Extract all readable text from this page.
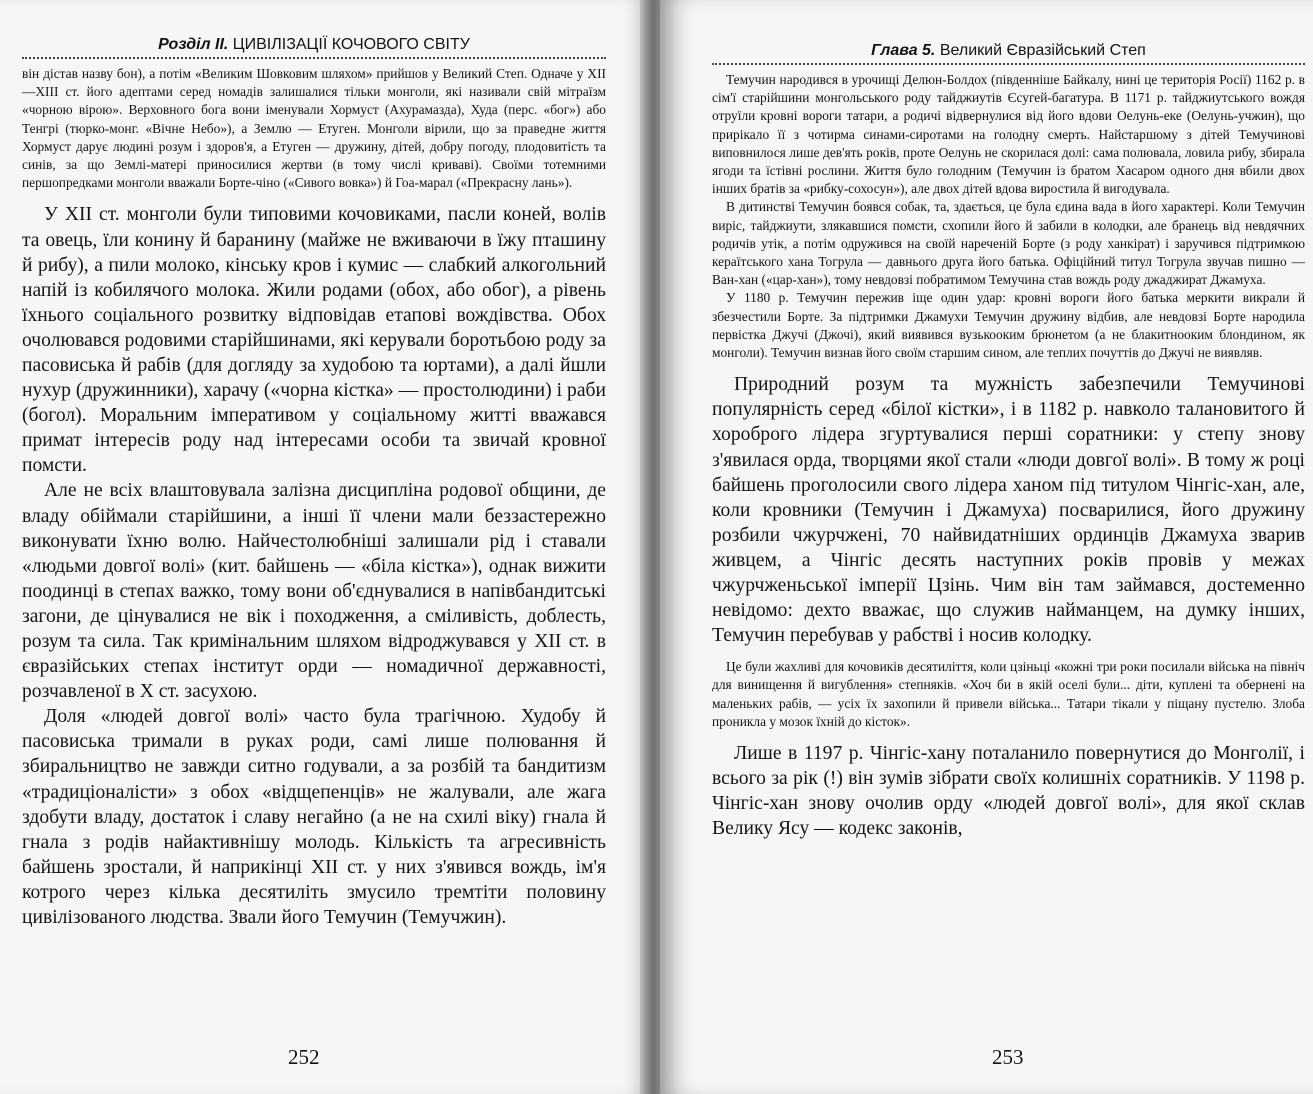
Розділ ІІ. ЦИВІЛІЗАЦІЇ КОЧОВОГО СВІТУ

він дістав назву бон), а потім «Великим Шовковим шляхом» прийшов у Великий Степ. Одначе у XII—XIII ст. його адептами серед номадів залишалися тільки монголи, які називали свій мітраїзм «чорною вірою». Верховного бога вони іменували Хормуст (Ахурамазда), Худа (перс. «бог») або Тенгрі (тюрко-монг. «Вічне Небо»), а Землю — Етуген. Монголи вірили, що за праведне життя Хормуст дарує людині розум і здоров'я, а Етуген — дружину, дітей, добру погоду, плодовитість та синів, за що Землі-матері приносилися жертви (в тому числі криваві). Своїми тотемними першопредками монголи вважали Борте-чіно («Сивого вовка») й Гоа-марал («Прекрасну лань»).

У XII ст. монголи були типовими кочовиками, пасли коней, волів та овець, їли конину й баранину (майже не вживаючи в їжу пташину й рибу), а пили молоко, кінську кров і кумис — слабкий алкогольний напій із кобилячого молока. Жили родами (обох, або обог), а рівень їхнього соціального розвитку відповідав етапові вождівства. Обох очолювався родовими старійшинами, які керували боротьбою роду за пасовиська й рабів (для догляду за худобою та юртами), а далі йшли нухур (дружинники), харачу («чорна кістка» — простолюдини) і раби (богол). Моральним імперативом у соціальному житті вважався примат інтересів роду над інтересами особи та звичай кровної помсти.

Але не всіх влаштовувала залізна дисципліна родової общини, де владу обіймали старійшини, а інші її члени мали беззастережно виконувати їхню волю. Найчестолюбніші залишали рід і ставали «людьми довгої волі» (кит. байшень — «біла кістка»), однак вижити поодинці в степах важко, тому вони об'єднувалися в напівбандитські загони, де цінувалися не вік і походження, а сміливість, доблесть, розум та сила. Так кримінальним шляхом відроджувався у XII ст. в євразійських степах інститут орди — номадичної державності, розчавленої в X ст. засухою.

Доля «людей довгої волі» часто була трагічною. Худобу й пасовиська тримали в руках роди, самі лише полювання й збиральництво не завжди ситно годували, а за розбій та бандитизм «традиціоналісти» з обох «відщепенців» не жалували, але жага здобути владу, достаток і славу негайно (а не на схилі віку) гнала й гнала з родів найактивнішу молодь. Кількість та агресивність байшень зростали, й наприкінці XII ст. у них з'явився вождь, ім'я котрого через кілька десятиліть змусило тремтіти половину цивілізованого людства. Звали його Темучин (Темучжин).

252
Глава 5. Великий Євразійський Степ

Темучин народився в урочищі Делюн-Болдох (південніше Байкалу, нині це територія Росії) 1162 р. в сім'ї старійшини монгольського роду тайджиутів Єсугей-багатура. В 1171 р. тайджиутського вождя отруїли кровні вороги татари, а родичі відвернулися від його вдови Оелунь-еке (Оелунь-учжин), що прирікало її з чотирма синами-сиротами на голодну смерть. Найстаршому з дітей Темучинові виповнилося лише дев'ять років, проте Оелунь не скорилася долі: сама полювала, ловила рибу, збирала ягоди та їстівні рослини. Життя було голодним (Темучин із братом Хасаром одного дня вбили двох інших братів за «рибку-сохосун»), але двох дітей вдова виростила й вигодувала.

В дитинстві Темучин боявся собак, та, здається, це була єдина вада в його характері. Коли Темучин виріс, тайджиути, злякавшися помсти, схопили його й забили в колодки, але бранець від невдячних родичів утік, а потім одружився на своїй нареченій Борте (з роду ханкірат) і заручився підтримкою кераїтського хана Тогрула — давнього друга його батька. Офіційний титул Тогрула звучав пишно — Ван-хан («цар-хан»), тому невдовзі побратимом Темучина став вождь роду джаджират Джамуха.

У 1180 р. Темучин пережив іще один удар: кровні вороги його батька меркити викрали й збезчестили Борте. За підтримки Джамухи Темучин дружину відбив, але невдовзі Борте народила первістка Джучі (Джочі), який виявився вузькооким брюнетом (а не блакитнооким блондином, як монголи). Темучин визнав його своїм старшим сином, але теплих почуттів до Джучі не виявляв.

Природний розум та мужність забезпечили Темучинові популярність серед «білої кістки», і в 1182 р. навколо талановитого й хороброго лідера згуртувалися перші соратники: у степу знову з'явилася орда, творцями якої стали «люди довгої волі». В тому ж році байшень проголосили свого лідера ханом під титулом Чінгіс-хан, але, коли кровники (Темучин і Джамуха) посварилися, його дружину розбили чжурчжені, 70 найвидатніших ординців Джамуха зварив живцем, а Чінгіс десять наступних років провів у межах чжурчженьської імперії Цзінь. Чим він там займався, достеменно невідомо: дехто вважає, що служив найманцем, на думку інших, Темучин перебував у рабстві і носив колодку.

Це були жахливі для кочовиків десятиліття, коли цзіньці «кожні три роки посилали війська на північ для винищення й вигублення» степняків. «Хоч би в якій оселі були... діти, куплені та обернені на маленьких рабів, — усіх їх захопили й привели війська... Татари тікали у піщану пустелю. Злоба проникла у мозок їхній до кісток».

Лише в 1197 р. Чінгіс-хану поталанило повернутися до Монголії, і всього за рік (!) він зумів зібрати своїх колишніх соратників. У 1198 р. Чінгіс-хан знову очолив орду «людей довгої волі», для якої склав Велику Ясу — кодекс законів,

253
